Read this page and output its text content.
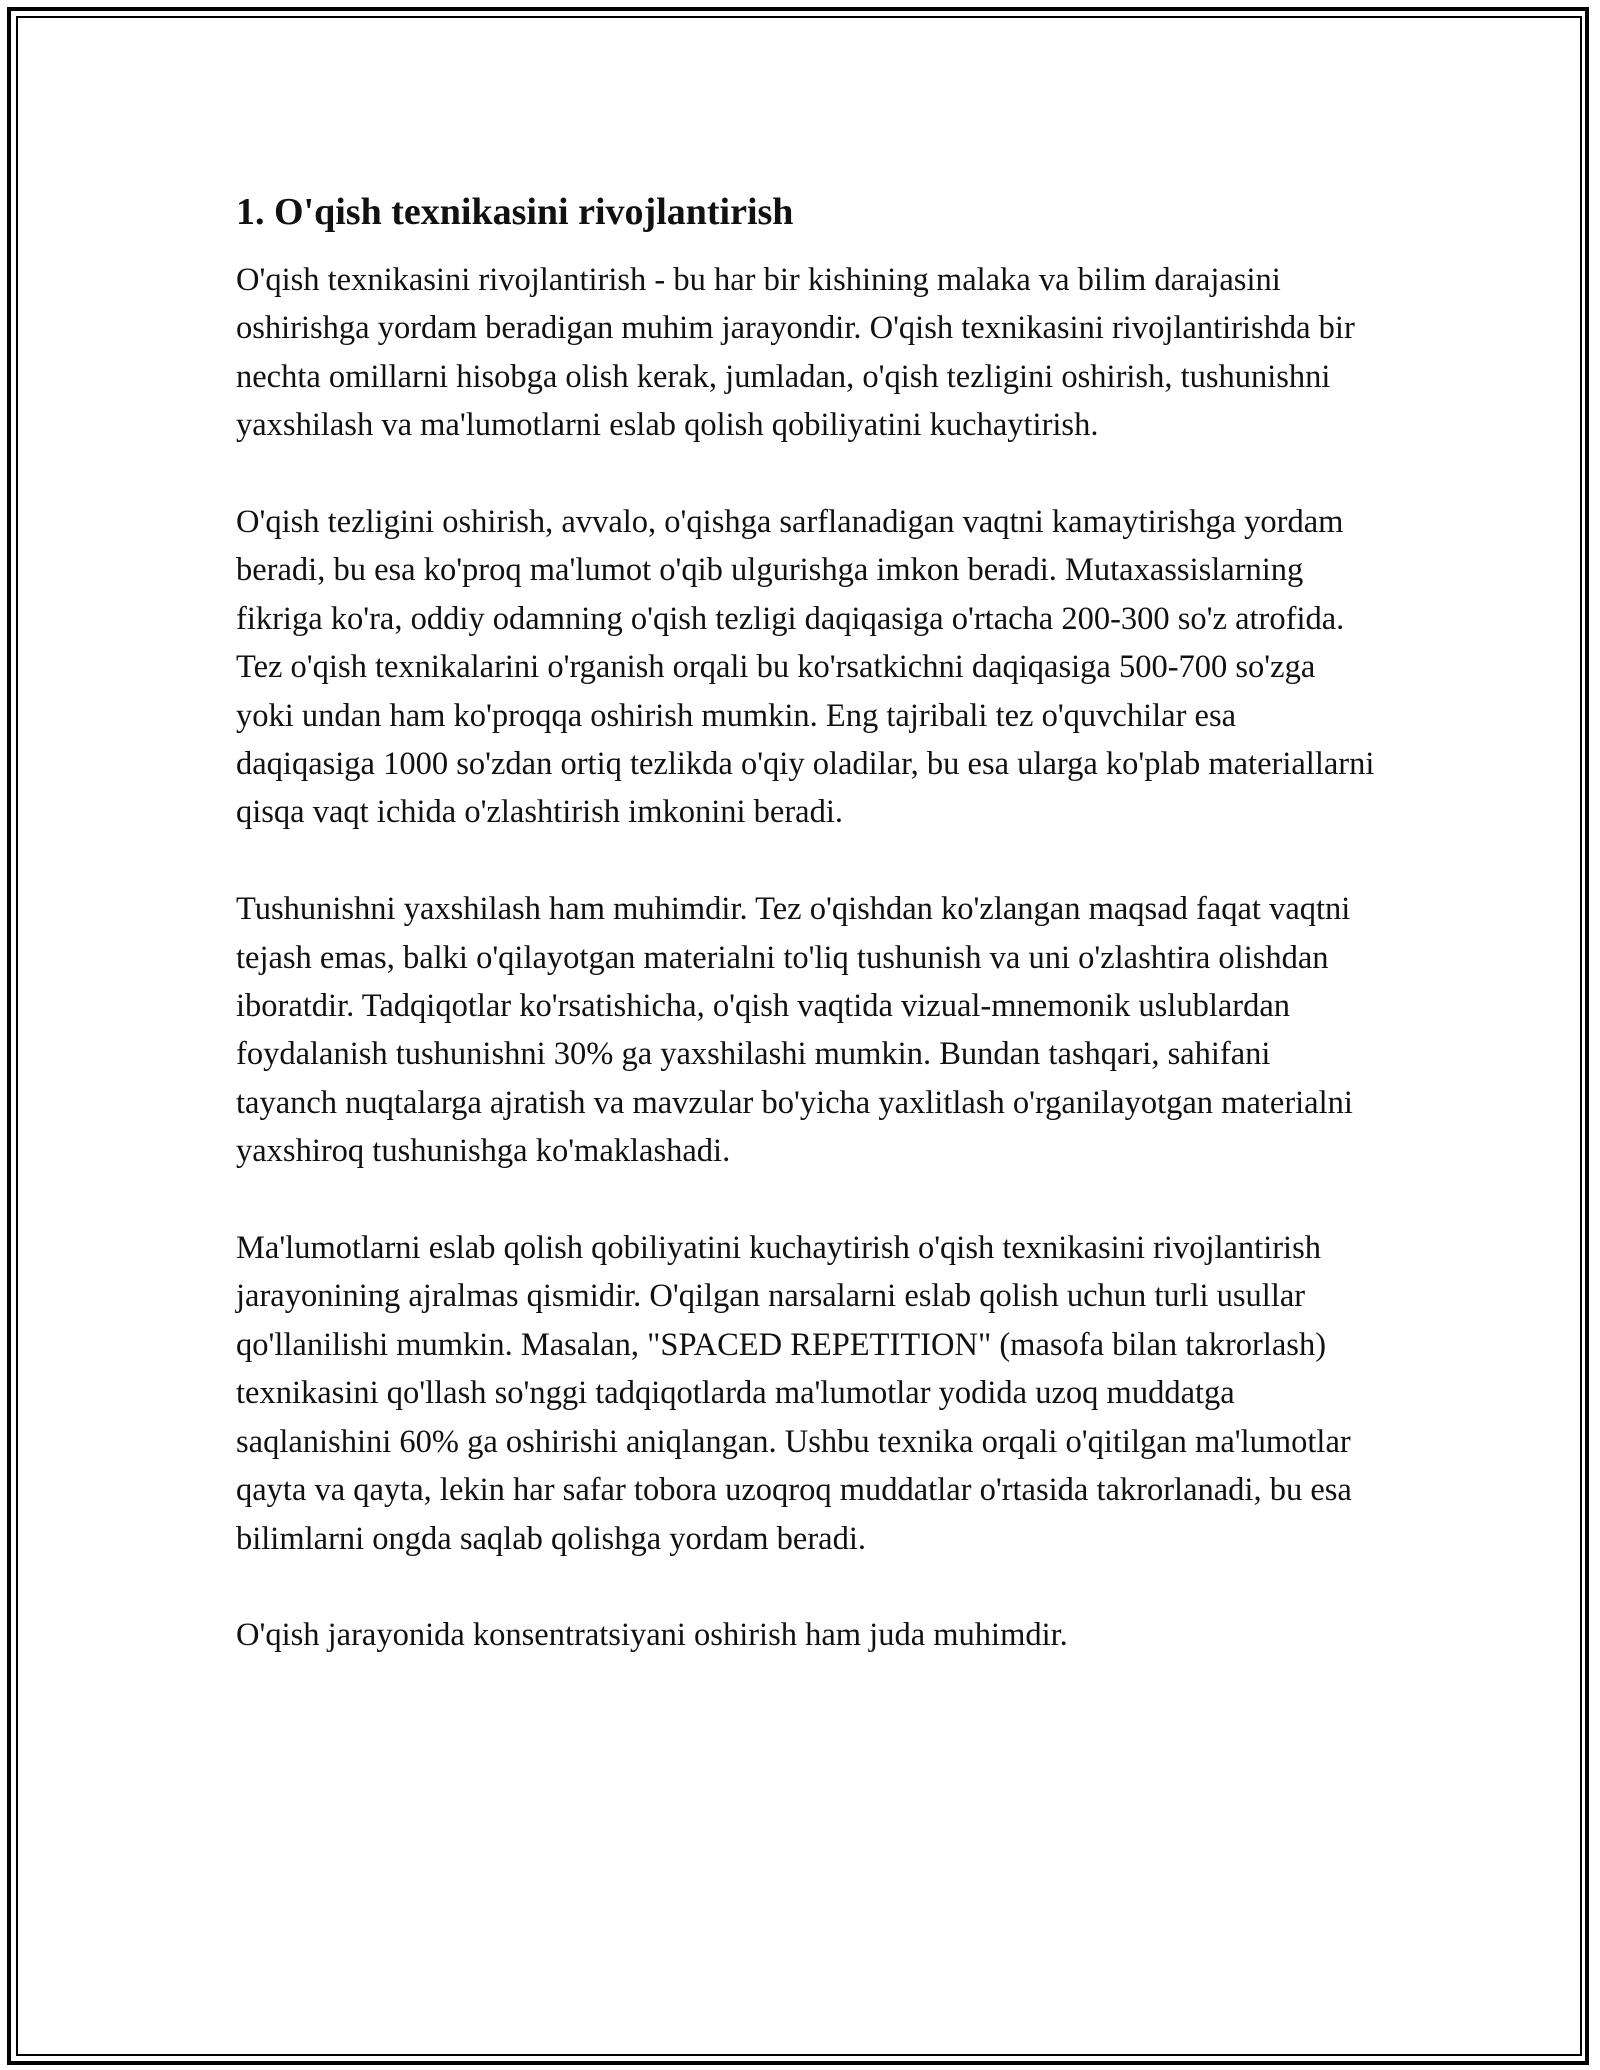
1. O'qish texnikasini rivojlantirish

O'qish texnikasini rivojlantirish - bu har bir kishining malaka va bilim darajasini oshirishga yordam beradigan muhim jarayondir. O'qish texnikasini rivojlantirishda bir nechta omillarni hisobga olish kerak, jumladan, o'qish tezligini oshirish, tushunishni yaxshilash va ma'lumotlarni eslab qolish qobiliyatini kuchaytirish.

O'qish tezligini oshirish, avvalo, o'qishga sarflanadigan vaqtni kamaytirishga yordam beradi, bu esa ko'proq ma'lumot o'qib ulgurishga imkon beradi. Mutaxassislarning fikriga ko'ra, oddiy odamning o'qish tezligi daqiqasiga o'rtacha 200-300 so'z atrofida. Tez o'qish texnikalarini o'rganish orqali bu ko'rsatkichni daqiqasiga 500-700 so'zga yoki undan ham ko'proqqa oshirish mumkin. Eng tajribali tez o'quvchilar esa daqiqasiga 1000 so'zdan ortiq tezlikda o'qiy oladilar, bu esa ularga ko'plab materiallarni qisqa vaqt ichida o'zlashtirish imkonini beradi.

Tushunishni yaxshilash ham muhimdir. Tez o'qishdan ko'zlangan maqsad faqat vaqtni tejash emas, balki o'qilayotgan materialni to'liq tushunish va uni o'zlashtira olishdan iboratdir. Tadqiqotlar ko'rsatishicha, o'qish vaqtida vizual-mnemonik uslublardan foydalanish tushunishni 30% ga yaxshilashi mumkin. Bundan tashqari, sahifani tayanch nuqtalarga ajratish va mavzular bo'yicha yaxlitlash o'rganilayotgan materialni yaxshiroq tushunishga ko'maklashadi.

Ma'lumotlarni eslab qolish qobiliyatini kuchaytirish o'qish texnikasini rivojlantirish jarayonining ajralmas qismidir. O'qilgan narsalarni eslab qolish uchun turli usullar qo'llanilishi mumkin. Masalan, "SPACED REPETITION" (masofa bilan takrorlash) texnikasini qo'llash so'nggi tadqiqotlarda ma'lumotlar yodida uzoq muddatga saqlanishini 60% ga oshirishi aniqlangan. Ushbu texnika orqali o'qitilgan ma'lumotlar qayta va qayta, lekin har safar tobora uzoqroq muddatlar o'rtasida takrorlanadi, bu esa bilimlarni ongda saqlab qolishga yordam beradi.

O'qish jarayonida konsentratsiyani oshirish ham juda muhimdir.
